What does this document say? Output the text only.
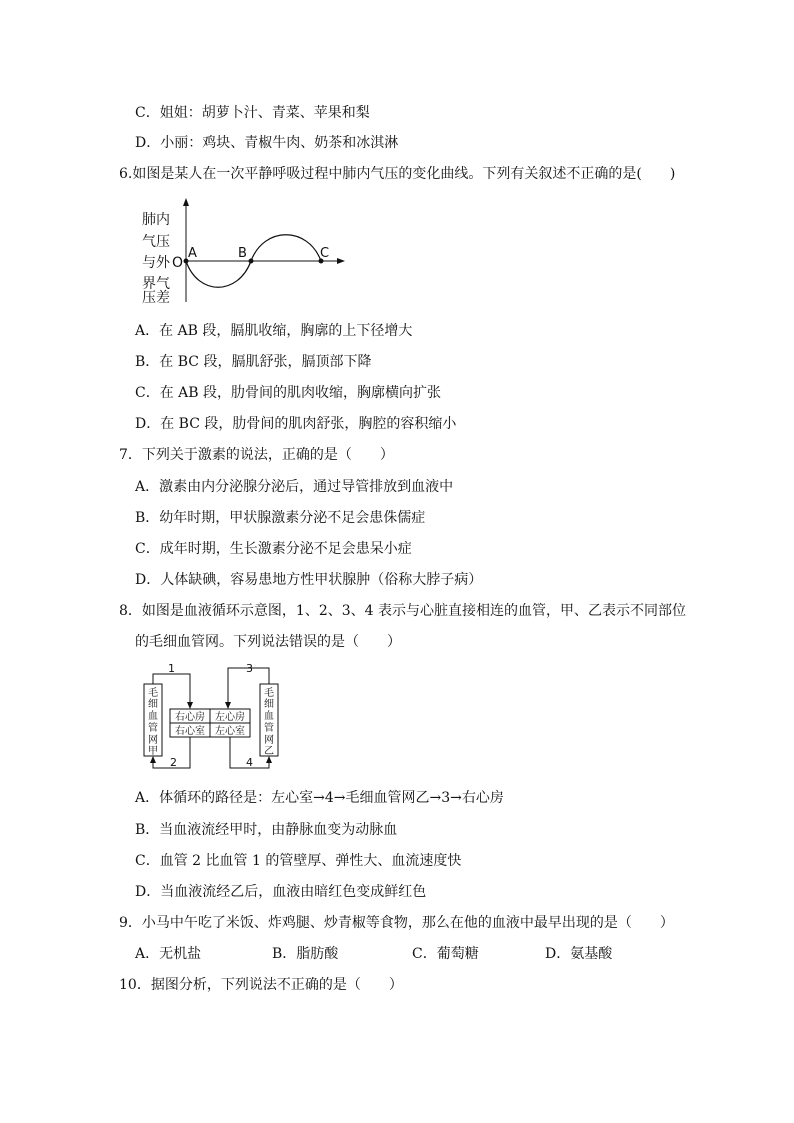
C．姐姐：胡萝卜汁、青菜、苹果和梨
D．小丽：鸡块、青椒牛肉、奶茶和冰淇淋
6.如图是某人在一次平静呼吸过程中肺内气压的变化曲线。下列有关叙述不正确的是(　　)
肺内
气压
与外
界气
压差
O
A	B	C
A．在 AB 段，膈肌收缩，胸廓的上下径增大
B．在 BC 段，膈肌舒张，膈顶部下降
C．在 AB 段，肋骨间的肌肉收缩，胸廓横向扩张
D．在 BC 段，肋骨间的肌肉舒张，胸腔的容积缩小
7．下列关于激素的说法，正确的是（　　）
A．激素由内分泌腺分泌后，通过导管排放到血液中
B．幼年时期，甲状腺激素分泌不足会患侏儒症
C．成年时期，生长激素分泌不足会患呆小症
D．人体缺碘，容易患地方性甲状腺肿（俗称大脖子病）
8．如图是血液循环示意图，1、2、3、4 表示与心脏直接相连的血管，甲、乙表示不同部位
的毛细血管网。下列说法错误的是（　　）
毛
细
血
管
网
甲
毛
细
血
管
网
乙
右心房 左心房
右心室 左心室
1	3
2	4
A．体循环的路径是：左心室→4→毛细血管网乙→3→右心房
B．当血液流经甲时，由静脉血变为动脉血
C．血管 2 比血管 1 的管壁厚、弹性大、血流速度快
D．当血液流经乙后，血液由暗红色变成鲜红色
9．小马中午吃了米饭、炸鸡腿、炒青椒等食物，那么在他的血液中最早出现的是（　　）
A．无机盐	B．脂肪酸	C．葡萄糖	D．氨基酸
10．据图分析，下列说法不正确的是（　　）
